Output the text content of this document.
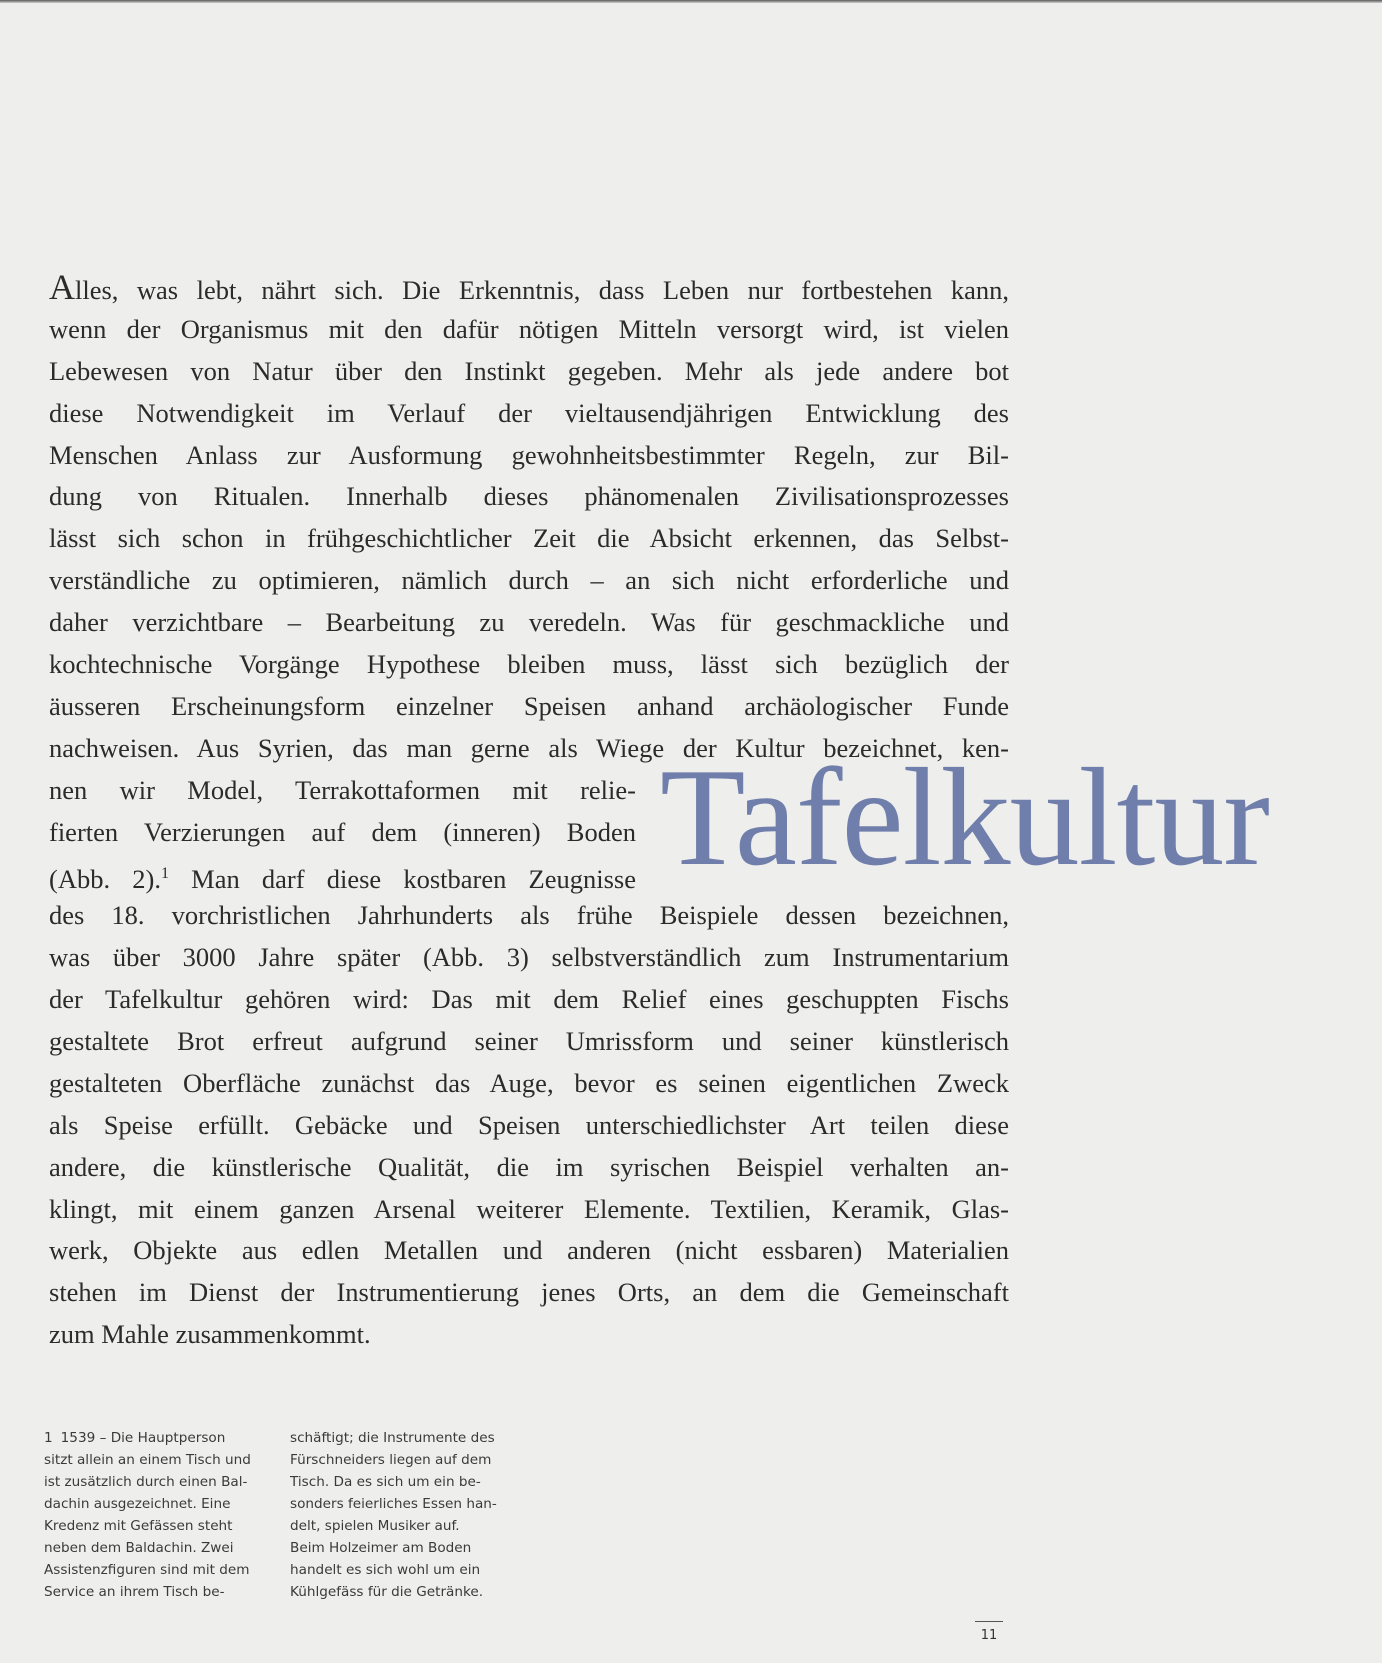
Alles, was lebt, nährt sich. Die Erkenntnis, dass Leben nur fortbestehen kann,
wenn der Organismus mit den dafür nötigen Mitteln versorgt wird, ist vielen
Lebewesen von Natur über den Instinkt gegeben. Mehr als jede andere bot
diese Notwendigkeit im Verlauf der vieltausendjährigen Entwicklung des
Menschen Anlass zur Ausformung gewohnheitsbestimmter Regeln, zur Bil-
dung von Ritualen. Innerhalb dieses phänomenalen Zivilisationsprozesses
lässt sich schon in frühgeschichtlicher Zeit die Absicht erkennen, das Selbst-
verständliche zu optimieren, nämlich durch – an sich nicht erforderliche und
daher verzichtbare – Bearbeitung zu veredeln. Was für geschmackliche und
kochtechnische Vorgänge Hypothese bleiben muss, lässt sich bezüglich der
äusseren Erscheinungsform einzelner Speisen anhand archäologischer Funde
nachweisen. Aus Syrien, das man gerne als Wiege der Kultur bezeichnet, ken-
nen wir Model, Terrakottaformen mit relie-
fierten Verzierungen auf dem (inneren) Boden
(Abb. 2).$^1$ Man darf diese kostbaren Zeugnisse
des 18. vorchristlichen Jahrhunderts als frühe Beispiele dessen bezeichnen,
was über 3000 Jahre später (Abb. 3) selbstverständlich zum Instrumentarium
der Tafelkultur gehören wird: Das mit dem Relief eines geschuppten Fischs
gestaltete Brot erfreut aufgrund seiner Umrissform und seiner künstlerisch
gestalteten Oberfläche zunächst das Auge, bevor es seinen eigentlichen Zweck
als Speise erfüllt. Gebäcke und Speisen unterschiedlichster Art teilen diese
andere, die künstlerische Qualität, die im syrischen Beispiel verhalten an-
klingt, mit einem ganzen Arsenal weiterer Elemente. Textilien, Keramik, Glas-
werk, Objekte aus edlen Metallen und anderen (nicht essbaren) Materialien
stehen im Dienst der Instrumentierung jenes Orts, an dem die Gemeinschaft
zum Mahle zusammenkommt.
Tafelkultur
1 1539 – Die Hauptperson
sitzt allein an einem Tisch und
ist zusätzlich durch einen Bal-
dachin ausgezeichnet. Eine
Kredenz mit Gefässen steht
neben dem Baldachin. Zwei
Assistenzfiguren sind mit dem
Service an ihrem Tisch be-
schäftigt; die Instrumente des
Fürschneiders liegen auf dem
Tisch. Da es sich um ein be-
sonders feierliches Essen han-
delt, spielen Musiker auf.
Beim Holzeimer am Boden
handelt es sich wohl um ein
Kühlgefäss für die Getränke.
11
